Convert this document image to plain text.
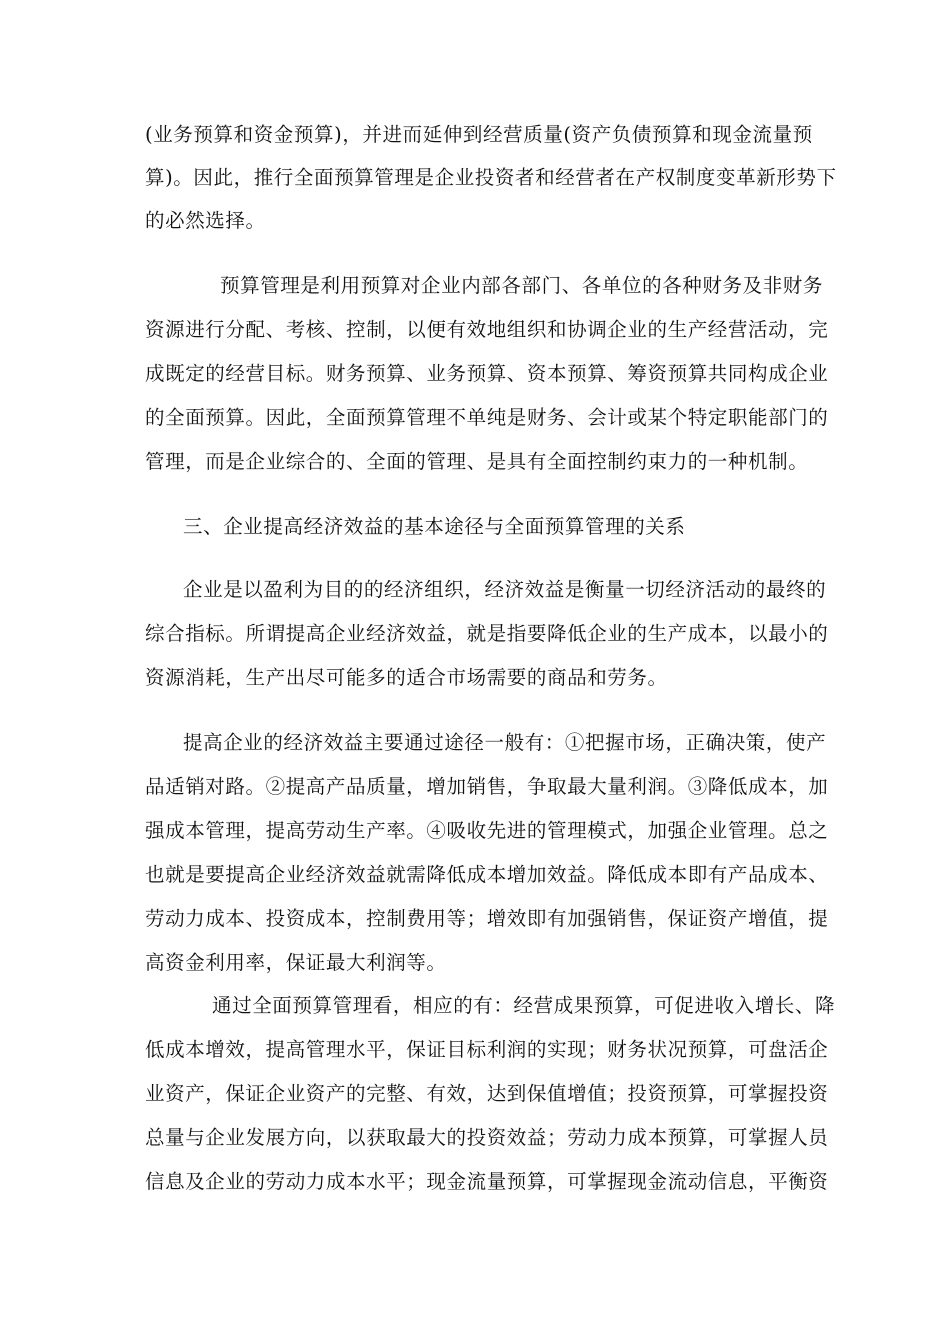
(业务预算和资金预算)，并进而延伸到经营质量(资产负债预算和现金流量预
算)。因此，推行全面预算管理是企业投资者和经营者在产权制度变革新形势下
的必然选择。
预算管理是利用预算对企业内部各部门、各单位的各种财务及非财务
资源进行分配、考核、控制，以便有效地组织和协调企业的生产经营活动，完
成既定的经营目标。财务预算、业务预算、资本预算、筹资预算共同构成企业
的全面预算。因此，全面预算管理不单纯是财务、会计或某个特定职能部门的
管理，而是企业综合的、全面的管理、是具有全面控制约束力的一种机制。
三、企业提高经济效益的基本途径与全面预算管理的关系
企业是以盈利为目的的经济组织，经济效益是衡量一切经济活动的最终的
综合指标。所谓提高企业经济效益，就是指要降低企业的生产成本，以最小的
资源消耗，生产出尽可能多的适合市场需要的商品和劳务。
提高企业的经济效益主要通过途径一般有：①把握市场，正确决策，使产
品适销对路。②提高产品质量，增加销售，争取最大量利润。③降低成本，加
强成本管理，提高劳动生产率。④吸收先进的管理模式，加强企业管理。总之
也就是要提高企业经济效益就需降低成本增加效益。降低成本即有产品成本、
劳动力成本、投资成本，控制费用等；增效即有加强销售，保证资产增值，提
高资金利用率，保证最大利润等。
通过全面预算管理看，相应的有：经营成果预算，可促进收入增长、降
低成本增效，提高管理水平，保证目标利润的实现；财务状况预算，可盘活企
业资产，保证企业资产的完整、有效，达到保值增值；投资预算，可掌握投资
总量与企业发展方向，以获取最大的投资效益；劳动力成本预算，可掌握人员
信息及企业的劳动力成本水平；现金流量预算，可掌握现金流动信息，平衡资
